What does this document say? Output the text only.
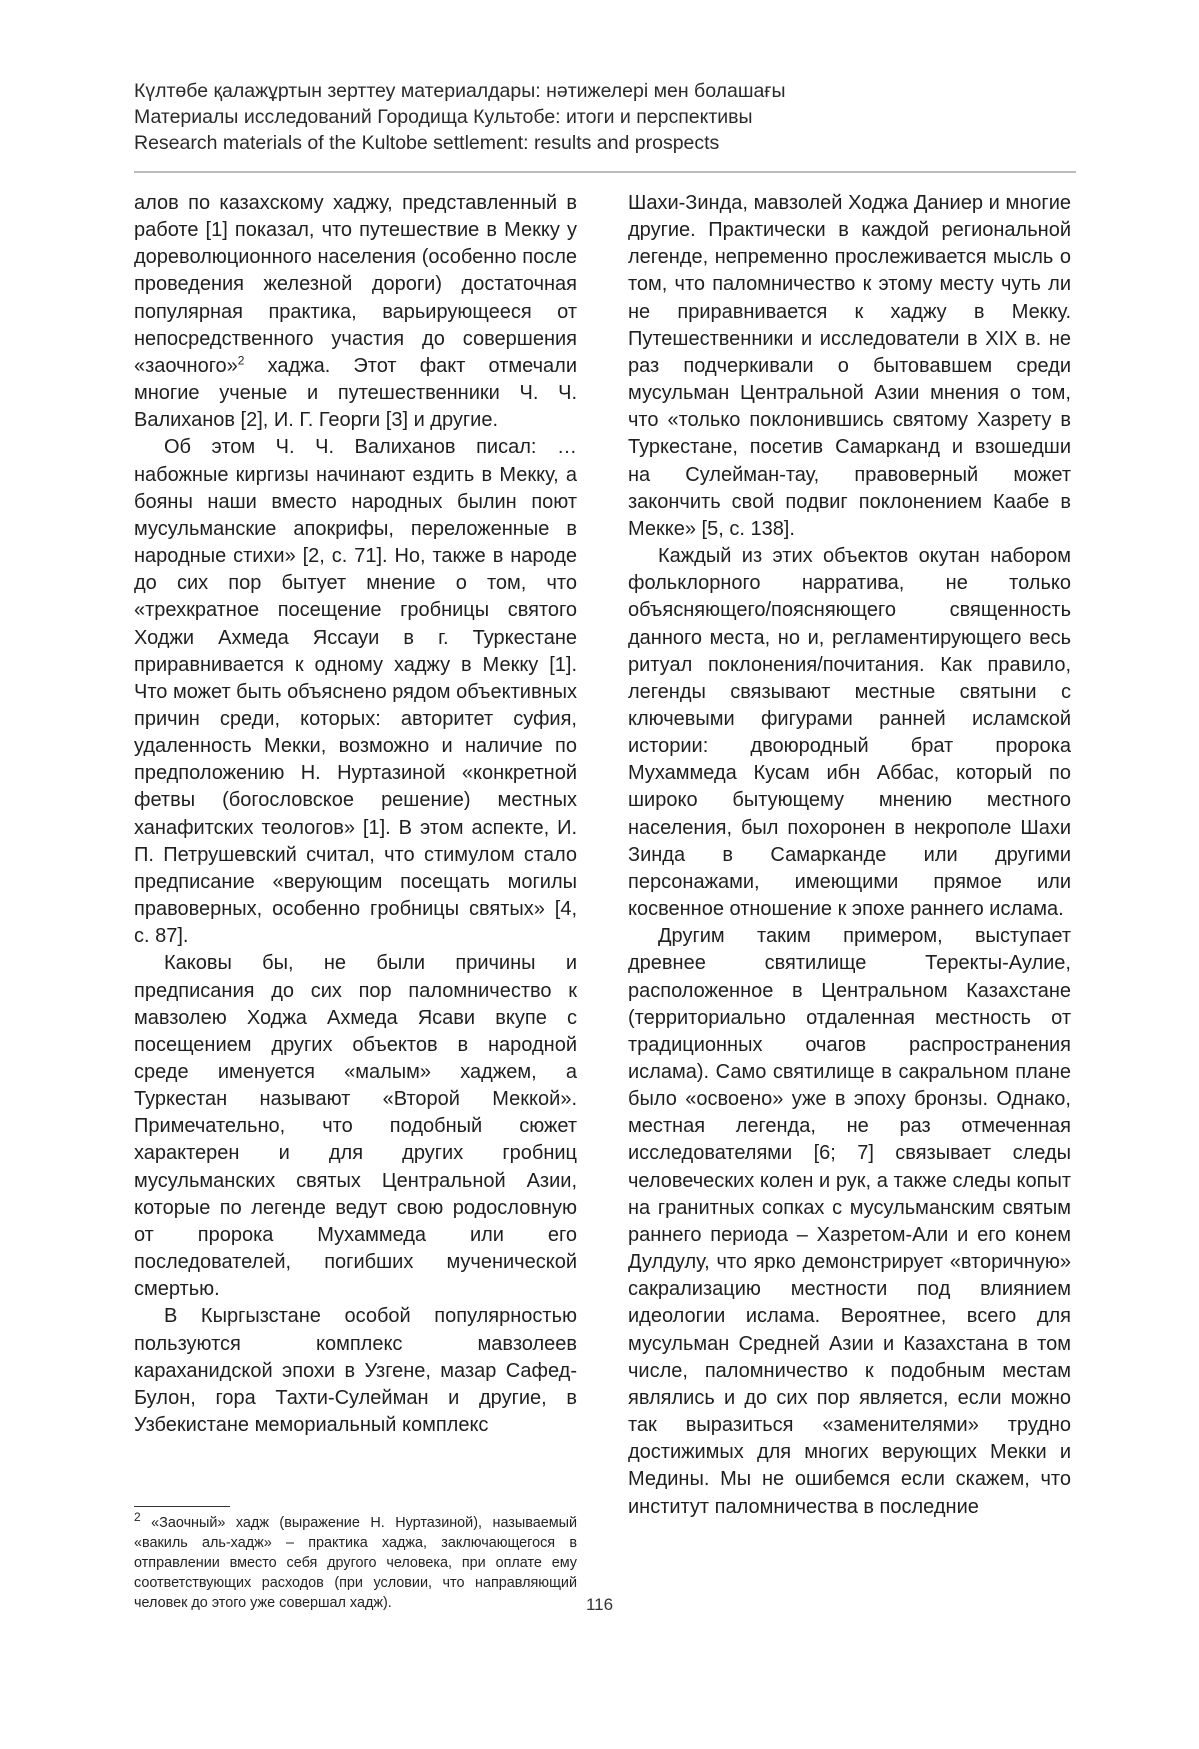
Күлтөбе қалажұртын зерттеу материалдары: нәтижелері мен болашағы
Материалы исследований Городища Культобе: итоги и перспективы
Research materials of the Kultobe settlement: results and prospects

алов по казахскому хаджу, представленный в работе [1] показал, что путешествие в Мекку у дореволюционного населения (особенно после проведения железной дороги) достаточная популярная практика, варьирующееся от непосредственного участия до совершения «заочного»$^2$ хаджа. Этот факт отмечали многие ученые и путешественники Ч. Ч. Валиханов [2], И. Г. Георги [3] и другие.

Об этом Ч. Ч. Валиханов писал: …набожные киргизы начинают ездить в Мекку, а бояны наши вместо народных былин поют мусульманские апокрифы, переложенные в народные стихи» [2, с. 71]. Но, также в народе до сих пор бытует мнение о том, что «трехкратное посещение гробницы святого Ходжи Ахмеда Яссауи в г. Туркестане приравнивается к одному хаджу в Мекку [1]. Что может быть объяснено рядом объективных причин среди, которых: авторитет суфия, удаленность Мекки, возможно и наличие по предположению Н. Нуртазиной «конкретной фетвы (богословское решение) местных ханафитских теологов» [1]. В этом аспекте, И. П. Петрушевский считал, что стимулом стало предписание «верующим посещать могилы правоверных, особенно гробницы святых» [4, с. 87].

Каковы бы, не были причины и предписания до сих пор паломничество к мавзолею Ходжа Ахмеда Ясави вкупе с посещением других объектов в народной среде именуется «малым» хаджем, а Туркестан называют «Второй Меккой». Примечательно, что подобный сюжет характерен и для других гробниц мусульманских святых Центральной Азии, которые по легенде ведут свою родословную от пророка Мухаммеда или его последователей, погибших мученической смертью.

В Кыргызстане особой популярностью пользуются комплекс мавзолеев караханидской эпохи в Узгене, мазар Сафед-Булон, гора Тахти-Сулейман и другие, в Узбекистане мемориальный комплекс

Шахи-Зинда, мавзолей Ходжа Даниер и многие другие. Практически в каждой региональной легенде, непременно прослеживается мысль о том, что паломничество к этому месту чуть ли не приравнивается к хаджу в Мекку. Путешественники и исследователи в XIX в. не раз подчеркивали о бытовавшем среди мусульман Центральной Азии мнения о том, что «только поклонившись святому Хазрету в Туркестане, посетив Самарканд и взошедши на Сулейман-тау, правоверный может закончить свой подвиг поклонением Каабе в Мекке» [5, с. 138].

Каждый из этих объектов окутан набором фольклорного нарратива, не только объясняющего/поясняющего священность данного места, но и, регламентирующего весь ритуал поклонения/почитания. Как правило, легенды связывают местные святыни с ключевыми фигурами ранней исламской истории: двоюродный брат пророка Мухаммеда Кусам ибн Аббас, который по широко бытующему мнению местного населения, был похоронен в некрополе Шахи Зинда в Самарканде или другими персонажами, имеющими прямое или косвенное отношение к эпохе раннего ислама.

Другим таким примером, выступает древнее святилище Теректы-Аулие, расположенное в Центральном Казахстане (территориально отдаленная местность от традиционных очагов распространения ислама). Само святилище в сакральном плане было «освоено» уже в эпоху бронзы. Однако, местная легенда, не раз отмеченная исследователями [6; 7] связывает следы человеческих колен и рук, а также следы копыт на гранитных сопках с мусульманским святым раннего периода – Хазретом-Али и его конем Дулдулу, что ярко демонстрирует «вторичную» сакрализацию местности под влиянием идеологии ислама. Вероятнее, всего для мусульман Средней Азии и Казахстана в том числе, паломничество к подобным местам являлись и до сих пор является, если можно так выразиться «заменителями» трудно достижимых для многих верующих Мекки и Медины. Мы не ошибемся если скажем, что институт паломничества в последние

$^2$ «Заочный» хадж (выражение Н. Нуртазиной), называемый «вакиль аль-хадж» – практика хаджа, заключающегося в отправлении вместо себя другого человека, при оплате ему соответствующих расходов (при условии, что направляющий человек до этого уже совершал хадж).	116
